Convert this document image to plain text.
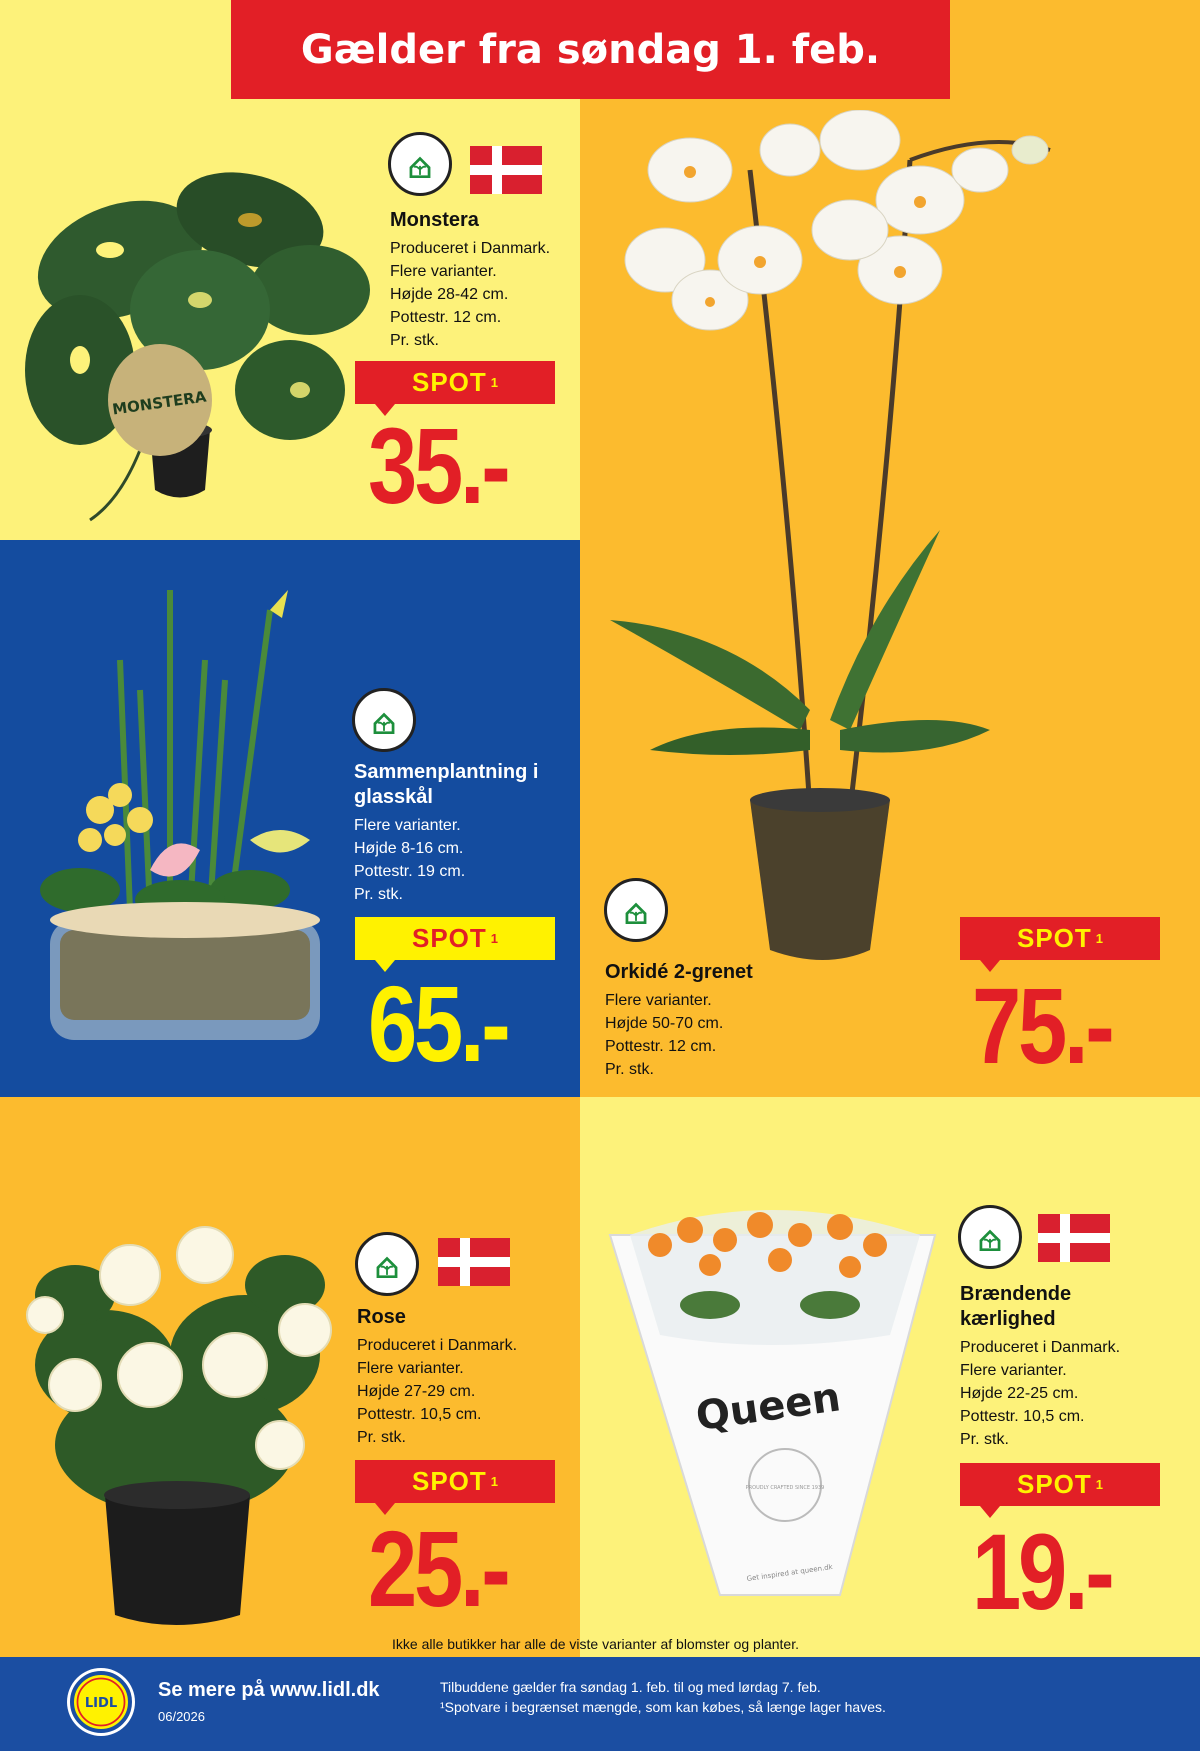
Gælder fra søndag 1. feb.
MONSTERA
Monstera
Produceret i Danmark.
Flere varianter.
Højde 28-42 cm.
Pottestr. 12 cm.
Pr. stk.
SPOT 1
35.-
Orkidé 2-grenet
Flere varianter.
Højde 50-70 cm.
Pottestr. 12 cm.
Pr. stk.
SPOT 1
75.-
Sammenplantning i glasskål
Flere varianter.
Højde 8-16 cm.
Pottestr. 19 cm.
Pr. stk.
SPOT 1
65.-
Rose
Produceret i Danmark.
Flere varianter.
Højde 27-29 cm.
Pottestr. 10,5 cm.
Pr. stk.
SPOT 1
25.-
Queen
PROUDLY CRAFTED SINCE 1939
Get inspired at queen.dk
Brændende kærlighed
Produceret i Danmark.
Flere varianter.
Højde 22-25 cm.
Pottestr. 10,5 cm.
Pr. stk.
SPOT 1
19.-
Ikke alle butikker har alle de viste varianter af blomster og planter.
LIDL
Se mere på www.lidl.dk
06/2026
Tilbuddene gælder fra søndag 1. feb. til og med lørdag 7. feb.
¹Spotvare i begrænset mængde, som kan købes, så længe lager haves.
